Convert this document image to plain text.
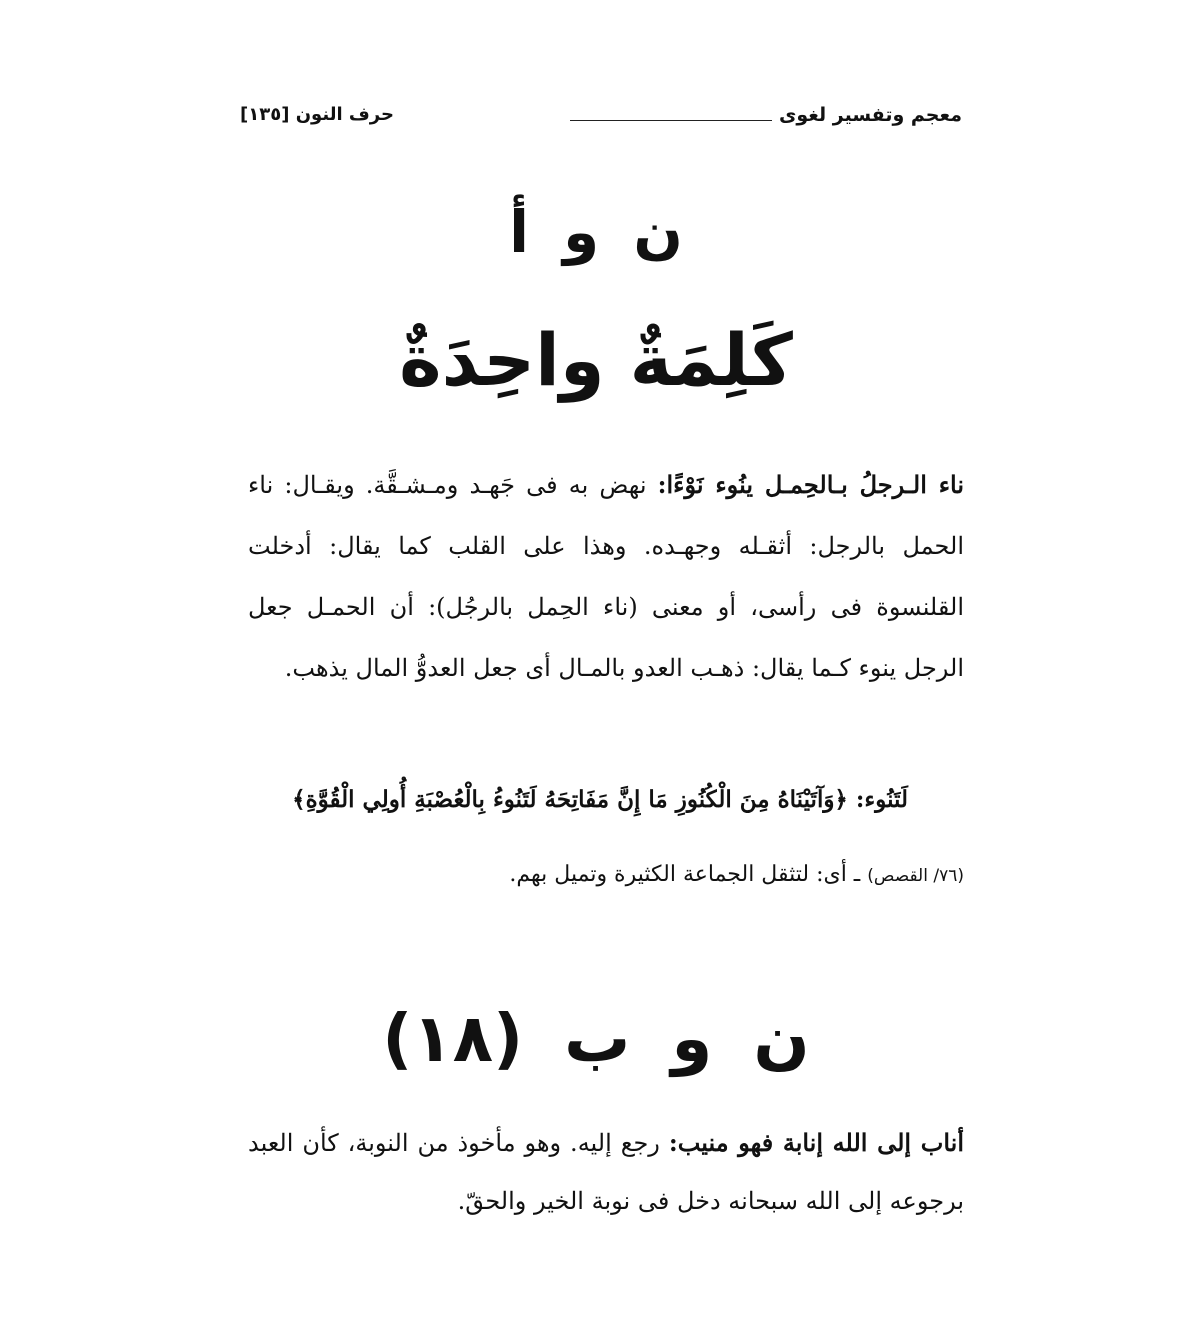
معجم وتفسير لغوى
حرف النون [١٣٥]
ن و أ
كَلِمَةٌ واحِدَةٌ
ناء الـرجلُ بـالحِمـل ينُوء نَوْءًا: نهض به فى جَهـد ومـشـقَّة. ويقـال: ناء الحمل بالرجل: أثقـله وجهـده. وهذا على القلب كما يقال: أدخلت القلنسوة فى رأسى، أو معنى (ناء الحِمل بالرجُل): أن الحمـل جعل الرجل ينوء كـما يقال: ذهـب العدو بالمـال أى جعل العدوُّ المال يذهب.
لَتَنُوء: ﴿وَآتَيْنَاهُ مِنَ الْكُنُوزِ مَا إِنَّ مَفَاتِحَهُ لَتَنُوءُ بِالْعُصْبَةِ أُولِي الْقُوَّةِ﴾
(٧٦/ القصص) ـ أى: لتثقل الجماعة الكثيرة وتميل بهم.
ن و ب (١٨)
أناب إلى الله إنابة فهو منيب: رجع إليه. وهو مأخوذ من النوبة، كأن العبد برجوعه إلى الله سبحانه دخل فى نوبة الخير والحقّ.
